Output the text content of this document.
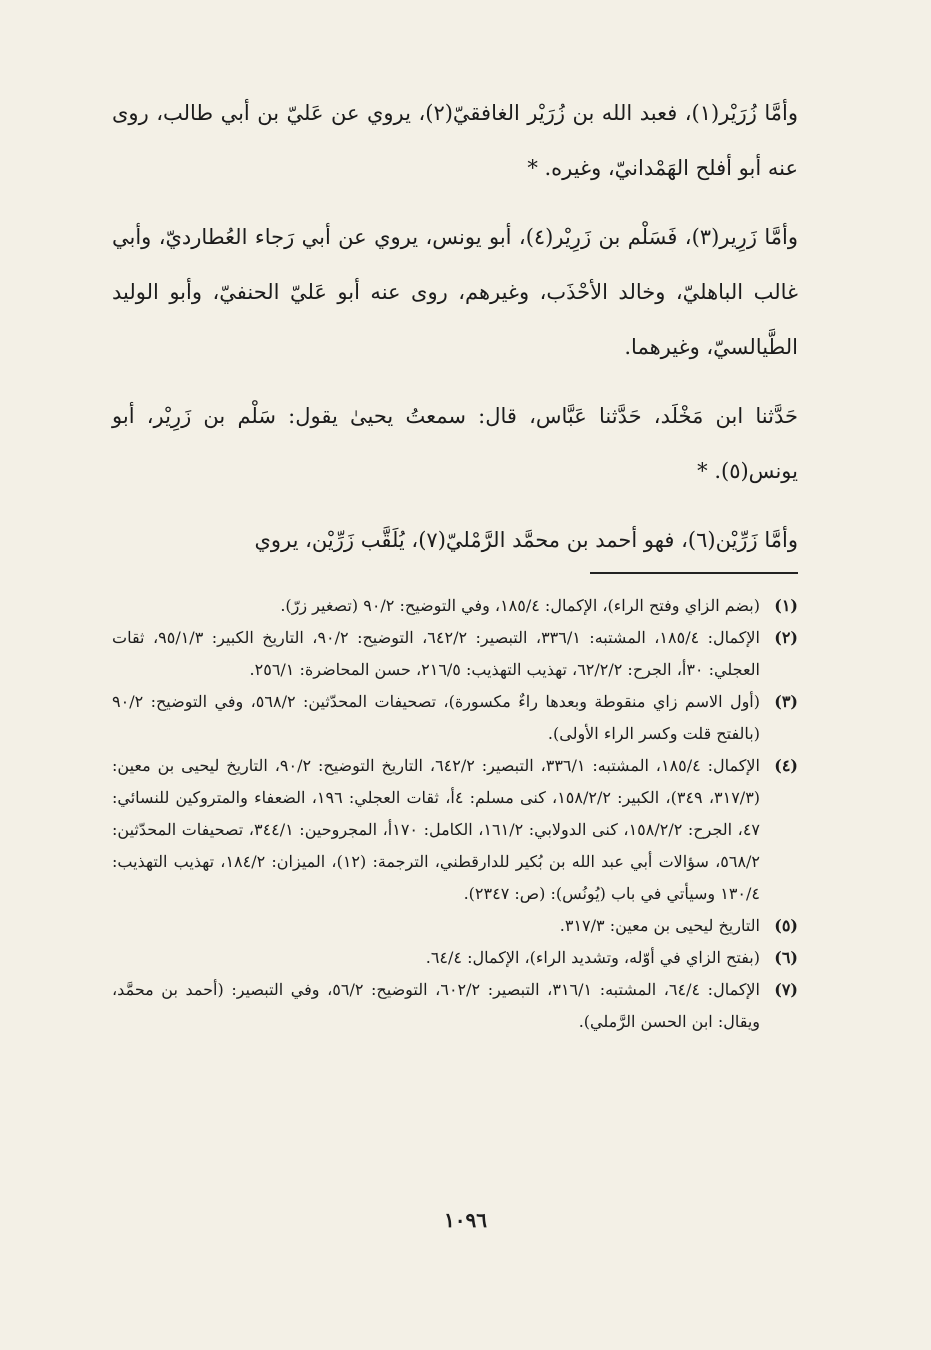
وأمَّا زُرَيْر(١)، فعبد الله بن زُرَيْر الغافقيّ(٢)، يروي عن عَليّ بن أبي طالب، روى عنه أبو أفلح الهَمْدانيّ، وغيره. *

وأمَّا زَرِير(٣)، فَسَلْم بن زَرِيْر(٤)، أبو يونس، يروي عن أبي رَجاء العُطارديّ، وأبي غالب الباهليّ، وخالد الأحْذَب، وغيرهم، روى عنه أبو عَليّ الحنفيّ، وأبو الوليد الطَّيالسيّ، وغيرهما.

حَدَّثنا ابن مَخْلَد، حَدَّثنا عَبَّاس، قال: سمعتُ يحيىٰ يقول: سَلْم بن زَرِيْر، أبو يونس(٥). *

وأمَّا زَرِّيْن(٦)، فهو أحمد بن محمَّد الرَّمْليّ(٧)، يُلَقَّب زَرِّيْن، يروي

(١)
(بضم الزاي وفتح الراء)، الإكمال: ١٨٥/٤، وفي التوضيح: ٩٠/٢ (تصغير زرّ).
(٢)
الإكمال: ١٨٥/٤، المشتبه: ٣٣٦/١، التبصير: ٦٤٢/٢، التوضيح: ٩٠/٢، التاريخ الكبير: ٩٥/١/٣، ثقات العجلي: ٣٠أ، الجرح: ٦٢/٢/٢، تهذيب التهذيب: ٢١٦/٥، حسن المحاضرة: ٢٥٦/١.
(٣)
(أول الاسم زاي منقوطة وبعدها راءٌ مكسورة)، تصحيفات المحدّثين: ٥٦٨/٢، وفي التوضيح: ٩٠/٢ (بالفتح قلت وكسر الراء الأولى).
(٤)
الإكمال: ١٨٥/٤، المشتبه: ٣٣٦/١، التبصير: ٦٤٢/٢، التاريخ التوضيح: ٩٠/٢، التاريخ ليحيى بن معين: (٣١٧/٣، ٣٤٩)، الكبير: ١٥٨/٢/٢، كنى مسلم: ٤أ، ثقات العجلي: ١٩٦، الضعفاء والمتروكين للنسائي: ٤٧، الجرح: ١٥٨/٢/٢، كنى الدولابي: ١٦١/٢، الكامل: ١٧٠أ، المجروحين: ٣٤٤/١، تصحيفات المحدّثين: ٥٦٨/٢، سؤالات أبي عبد الله بن بُكير للدارقطني، الترجمة: (١٢)، الميزان: ١٨٤/٢، تهذيب التهذيب: ١٣٠/٤ وسيأتي في باب (يُونُس): (ص: ٢٣٤٧).
(٥)
التاريخ ليحيى بن معين: ٣١٧/٣.
(٦)
(بفتح الزاي في أوّله، وتشديد الراء)، الإكمال: ٦٤/٤.
(٧)
الإكمال: ٦٤/٤، المشتبه: ٣١٦/١، التبصير: ٦٠٢/٢، التوضيح: ٥٦/٢، وفي التبصير: (أحمد بن محمَّد، ويقال: ابن الحسن الرَّملي).
١٠٩٦
